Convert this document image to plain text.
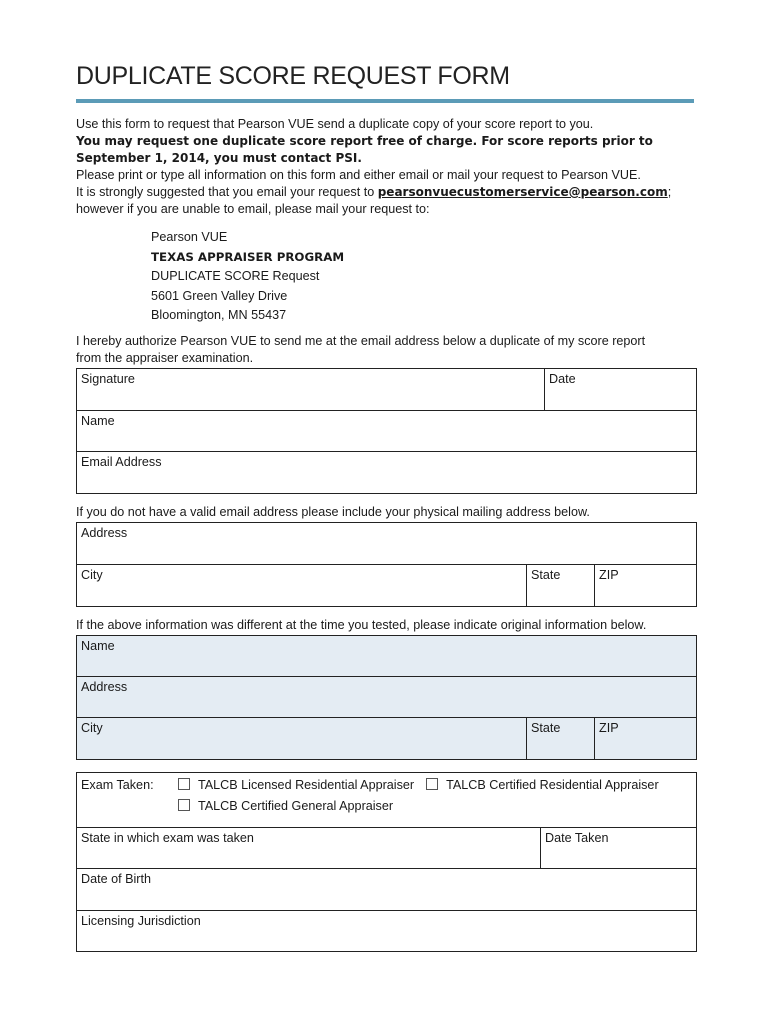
DUPLICATE SCORE REQUEST FORM
Use this form to request that Pearson VUE send a duplicate copy of your score report to you.
You may request one duplicate score report free of charge. For score reports prior to
September 1, 2014, you must contact PSI.
Please print or type all information on this form and either email or mail your request to Pearson VUE.
It is strongly suggested that you email your request to pearsonvuecustomerservice@pearson.com;
however if you are unable to email, please mail your request to:
Pearson VUE
TEXAS APPRAISER PROGRAM
DUPLICATE SCORE Request
5601 Green Valley Drive
Bloomington, MN 55437
I hereby authorize Pearson VUE to send me at the email address below a duplicate of my score report
from the appraiser examination.
Signature	Date
Name
Email Address
If you do not have a valid email address please include your physical mailing address below.
Address
City	State	ZIP
If the above information was different at the time you tested, please indicate original information below.
Name
Address
City	State	ZIP
Exam Taken:	TALCB Licensed Residential Appraiser	TALCB Certified Residential Appraiser
TALCB Certified General Appraiser

State in which exam was taken	Date Taken
Date of Birth
Licensing Jurisdiction
